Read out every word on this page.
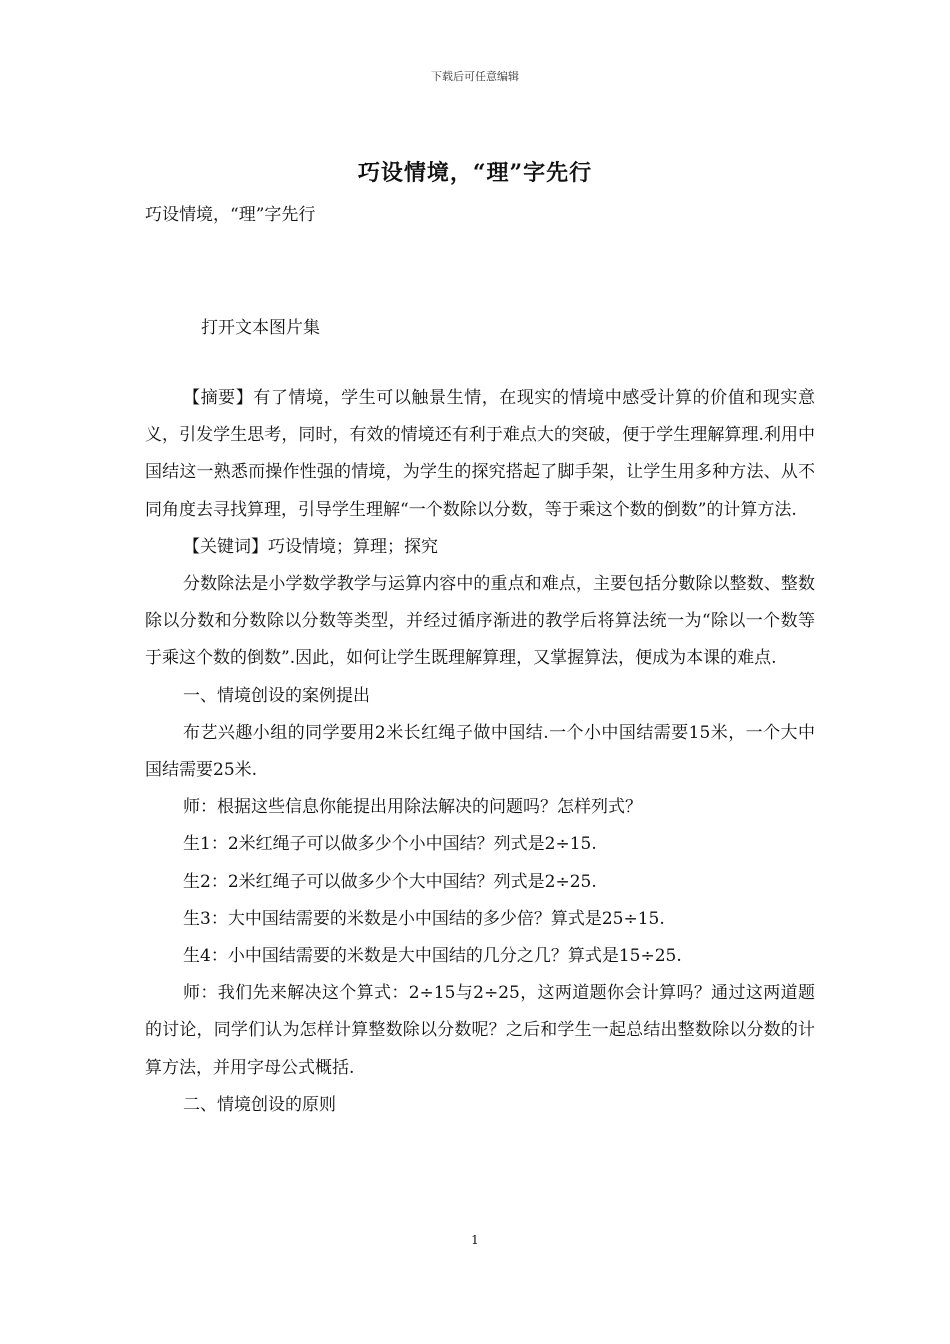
下载后可任意编辑
巧设情境，“理”字先行
巧设情境，“理”字先行
打开文本图片集

【摘要】有了情境，学生可以触景生情，在现实的情境中感受计算的价值和现实意义，引发学生思考，同时，有效的情境还有利于难点大的突破，便于学生理解算理.利用中国结这一熟悉而操作性强的情境，为学生的探究搭起了脚手架，让学生用多种方法、从不同角度去寻找算理，引导学生理解“一个数除以分数，等于乘这个数的倒数”的计算方法.

【关键词】巧设情境；算理；探究

分数除法是小学数学教学与运算内容中的重点和难点，主要包括分數除以整数、整数除以分数和分数除以分数等类型，并经过循序渐进的教学后将算法统一为“除以一个数等于乘这个数的倒数”.因此，如何让学生既理解算理，又掌握算法，便成为本课的难点.

一、情境创设的案例提出

布艺兴趣小组的同学要用2米长红绳子做中国结.一个小中国结需要15米，一个大中国结需要25米.

师：根据这些信息你能提出用除法解决的问题吗？怎样列式？

生1：2米红绳子可以做多少个小中国结？列式是2÷15.

生2：2米红绳子可以做多少个大中国结？列式是2÷25.

生3：大中国结需要的米数是小中国结的多少倍？算式是25÷15.

生4：小中国结需要的米数是大中国结的几分之几？算式是15÷25.

师：我们先来解决这个算式：2÷15与2÷25，这两道题你会计算吗？通过这两道题的讨论，同学们认为怎样计算整数除以分数呢？之后和学生一起总结出整数除以分数的计算方法，并用字母公式概括.

二、情境创设的原则

1
